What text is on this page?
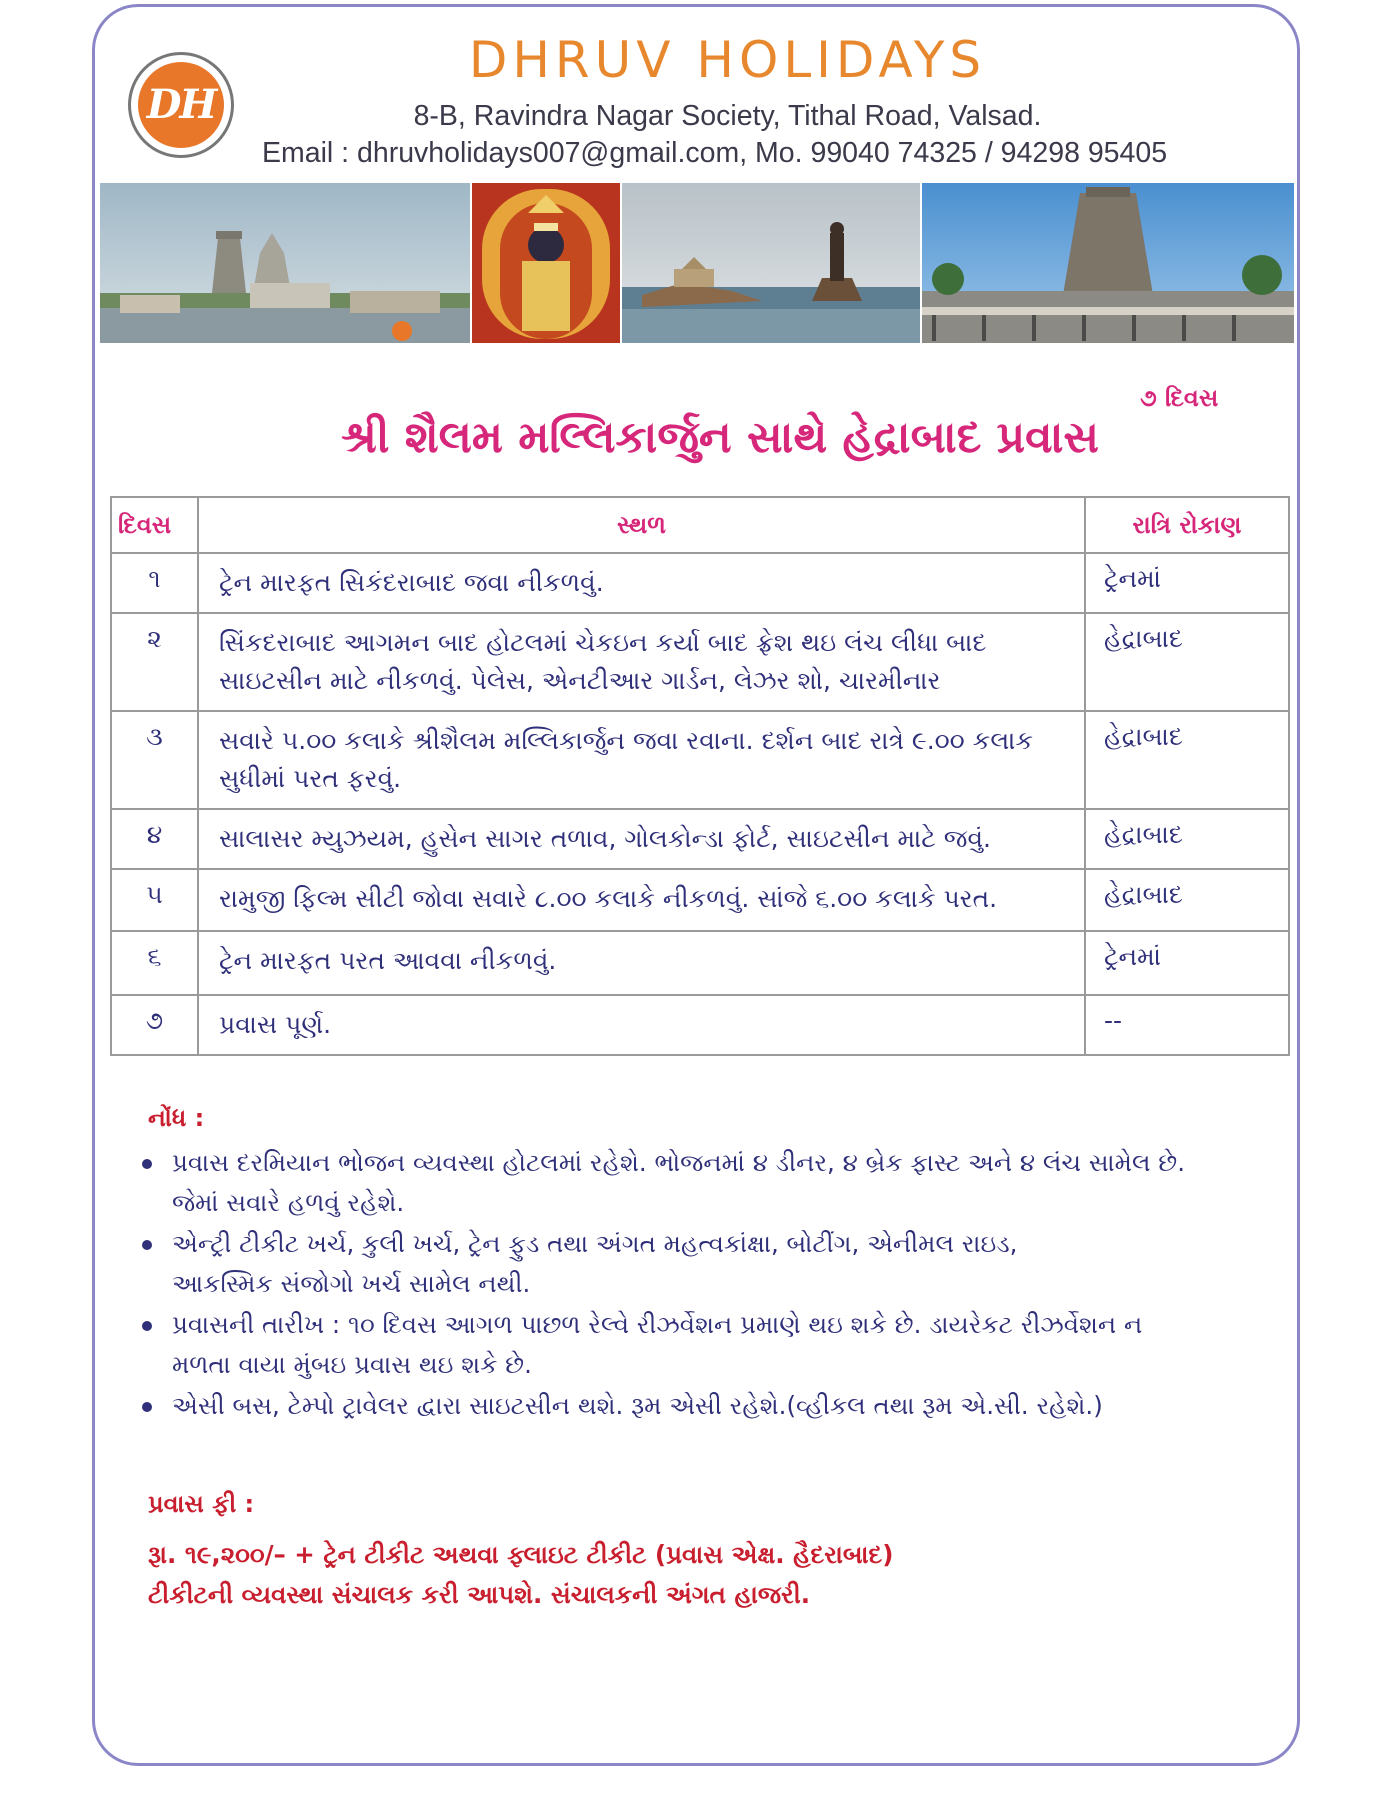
DH
DHRUV HOLIDAYS
8-B, Ravindra Nagar Society, Tithal Road, Valsad.
Email : dhruvholidays007@gmail.com, Mo. 99040 74325 / 94298 95405
૭ દિવસ
શ્રી શૈલમ મલ્લિકાર્જુન સાથે હેદ્રાબાદ પ્રવાસ
દિવસ	સ્થળ	રાત્રિ રોકાણ
૧	ટ્રેન મારફત સિકંદરાબાદ જવા નીકળવું.	ટ્રેનમાં
૨	સિંકદરાબાદ આગમન બાદ હોટલમાં ચેકઇન કર્યા બાદ ફ્રેશ થઇ લંચ લીધા બાદ
સાઇટસીન માટે નીકળવું. પેલેસ, એનટીઆર ગાર્ડન, લેઝર શો, ચારમીનાર	હેદ્રાબાદ
૩	સવારે ૫.૦૦ કલાકે શ્રીશૈલમ મલ્લિકાર્જુન જવા રવાના. દર્શન બાદ રાત્રે ૯.૦૦ કલાક
સુધીમાં પરત ફરવું.	હેદ્રાબાદ
૪	સાલાસર મ્યુઝયમ, હુસેન સાગર તળાવ, ગોલકોન્ડા ફોર્ટ, સાઇટસીન માટે જવું.	હેદ્રાબાદ
૫	રામુજી ફિલ્મ સીટી જોવા સવારે ૮.૦૦ કલાકે નીકળવું. સાંજે ૬.૦૦ કલાકે પરત.	હેદ્રાબાદ
૬	ટ્રેન મારફત પરત આવવા નીકળવું.	ટ્રેનમાં
૭	પ્રવાસ પૂર્ણ.	--
નોંધ :
પ્રવાસ દરમિયાન ભોજન વ્યવસ્થા હોટલમાં રહેશે. ભોજનમાં ૪ ડીનર, ૪ બ્રેક ફાસ્ટ અને ૪ લંચ સામેલ છે.
જેમાં સવારે હળવું રહેશે.
એન્ટ્રી ટીકીટ ખર્ચ, કુલી ખર્ચ, ટ્રેન ફુડ તથા અંગત મહત્વકાંક્ષા, બોટીંગ, એનીમલ રાઇડ,
આકસ્મિક સંજોગો ખર્ચ સામેલ નથી.
પ્રવાસની તારીખ : ૧૦ દિવસ આગળ પાછળ રેલ્વે રીઝર્વેશન પ્રમાણે થઇ શકે છે. ડાયરેકટ રીઝર્વેશન ન
મળતા વાયા મુંબઇ પ્રવાસ થઇ શકે છે.
એસી બસ, ટેમ્પો ટ્રાવેલર દ્વારા સાઇટસીન થશે. રૂમ એસી રહેશે.(વ્હીકલ તથા રૂમ એ.સી. રહેશે.)
પ્રવાસ ફી :
રૂા. ૧૯,૨૦૦/– + ટ્રેન ટીકીટ અથવા ફ્લાઇટ ટીકીટ (પ્રવાસ એક્ષ. હૈદરાબાદ)
ટીકીટની વ્યવસ્થા સંચાલક કરી આપશે. સંચાલકની અંગત હાજરી.
